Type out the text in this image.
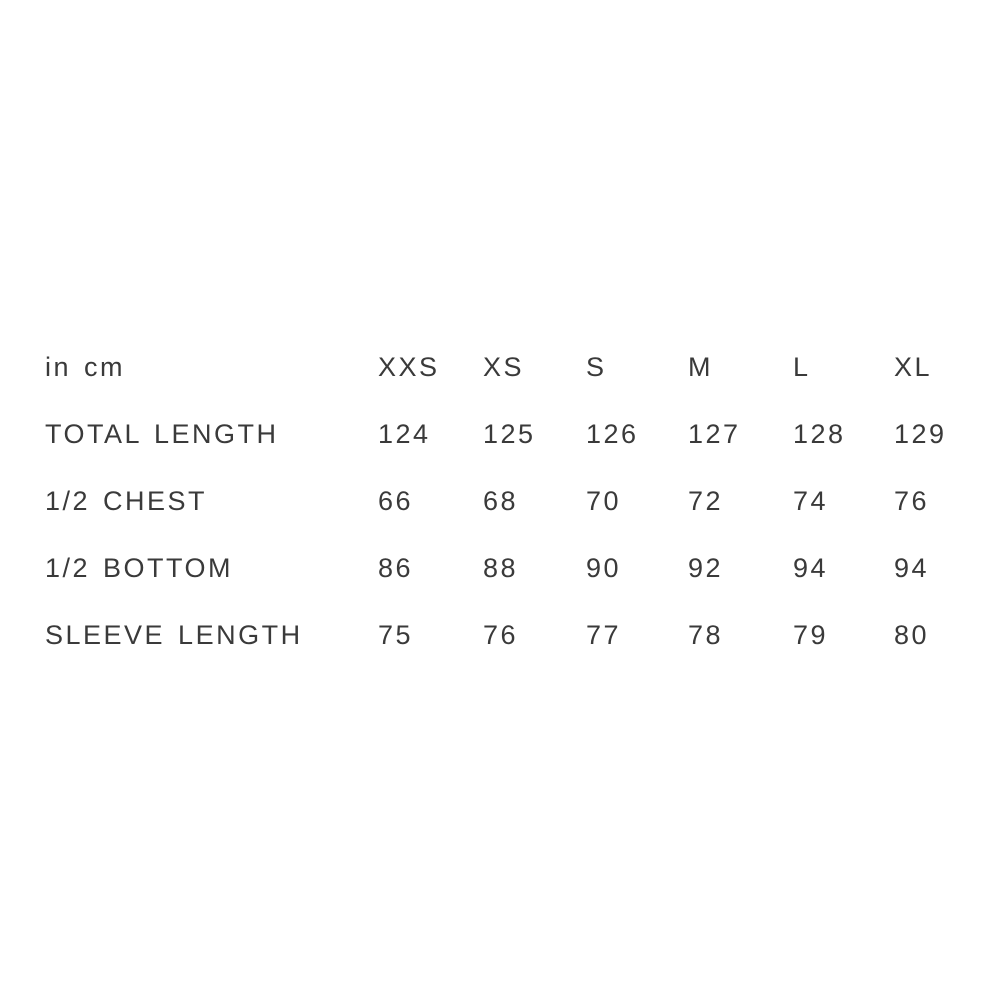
in cm	XXS	XS	S	M	L	XL
TOTAL LENGTH	124	125	126	127	128	129
1/2 CHEST	66	68	70	72	74	76
1/2 BOTTOM	86	88	90	92	94	94
SLEEVE LENGTH	75	76	77	78	79	80
